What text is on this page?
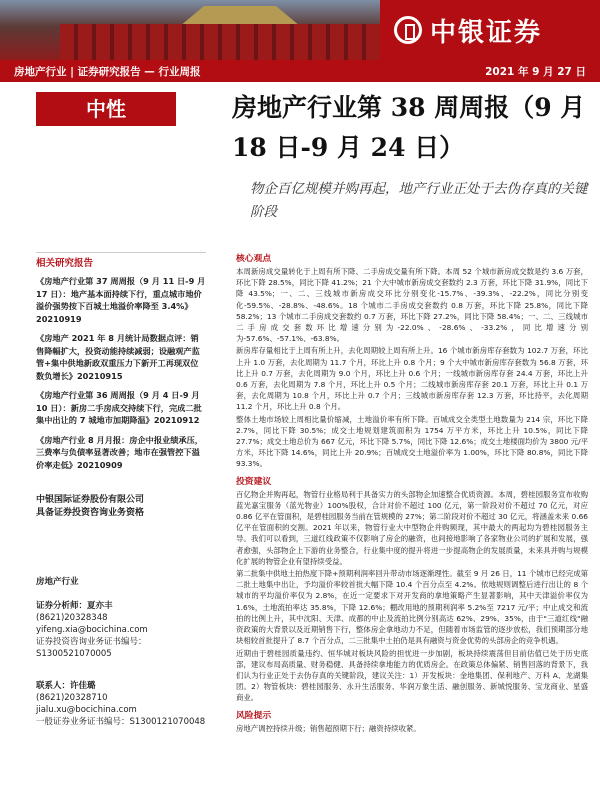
中银证券
房地产行业 | 证券研究报告 — 行业周报	2021 年 9 月 27 日
中性	房地产行业第 38 周周报（9 月 18 日-9 月 24 日）
物企百亿规模并购再起，地产行业正处于去伪存真的关键阶段
相关研究报告
《房地产行业第 37 周周报（9 月 11 日-9 月 17 日）：地产基本面持续下行，重点城市地价溢价强势按下百城土地溢价率降至 3.4%》20210919
《房地产 2021 年 8 月统计局数据点评：销售降幅扩大，投资动能持续减弱；设融观产监管+集中供地新政双重压力下新开工再现双位数负增长》20210915
《房地产行业第 36 周周报（9 月 4 日-9 月 10 日）：新房二手房成交持续下行，完成二批集中出让的 7 城地市加期降温》20210912
《房地产行业 8 月月报：房企中报业绩承压，三费率与负债率显著改善；地市在强管控下溢价率走低》20210909
中银国际证券股份有限公司
具备证券投资咨询业务资格
房地产行业
证券分析师：夏亦丰
(8621)20328348
yifeng.xia@bocichina.com
证券投资咨询业务证书编号：S1300521070005
联系人：许佳璐
(8621)20328710
jialu.xu@bocichina.com
一般证券业务证书编号：S1300121070048
核心观点
本周新房成交量转化于上周有所下降、二手房成交量有所下降。本周 52 个城市新房成交数是约 3.6 万套，环比下降 28.5%，同比下降 41.2%；21 个大中城市新房成交套数约 2.3 万套，环比下降 31.9%，同比下降 43.5%；一、二、三线城市新房成交环比分别变化-15.7%、-39.3%、-22.2%，同比分别变化-59.5%、-28.8%、-48.6%。18 个城市二手房成交套数约 0.8 万套，环比下降 25.8%，同比下降 58.2%；13 个城市二手房成交套数约 0.7 万套，环比下降 27.2%，同比下降 58.4%；一、二、三线城市二手房成交套数环比增速分别为-22.0%、-28.6%、-33.2%，同比增速分别为-57.6%、-57.1%、-63.8%。
新房库存量相比于上周有所上升，去化周期较上周有所上升。16 个城市新房库存套数为 102.7 万套，环比上升 1.0 万套，去化周期为 11.7 个月，环比上升 0.8 个月；9 个大中城市新房库存套数为 56.8 万套，环比上升 0.7 万套，去化周期为 9.0 个月，环比上升 0.6 个月；一线城市新房库存套 24.4 万套，环比上升 0.6 万套，去化周期为 7.8 个月，环比上升 0.5 个月；二线城市新房库存套 20.1 万套，环比上升 0.1 万套，去化周期为 10.8 个月，环比上升 0.7 个月；三线城市新房库存套 12.3 万套，环比持平，去化周期 11.2 个月，环比上升 0.8 个月。
整体土地市场较上周相比量价缩减，土地溢价率有所下降。百城成交全类型土地数量为 214 宗，环比下降 2.7%，同比下降 30.5%；成交土地规划建筑面积为 1754 万平方米，环比上升 10.5%，同比下降 27.7%；成交土地总价为 667 亿元，环比下降 5.7%，同比下降 12.6%；成交土地楼面均价为 3800 元/平方米，环比下降 14.6%，同比上升 20.9%；百城成交土地溢价率为 1.00%，环比下降 80.8%，同比下降 93.3%。
投资建议
百亿物企并购再起，物管行业格局利于具备实力的头部物企加速整合优质资源。本周，碧桂园服务宣布收购蓝光嘉宝服务（蓝光物业）100%股权，合计对价不超过 100 亿元，第一阶段对价不超过 70 亿元，对应 0.86 亿平在管面积，是碧桂园服务当前在管规模的 27%；第二阶段对价不超过 30 亿元，将涵盖未来 0.66 亿平在管面积的交割。2021 年以来，物管行业大中型物企并购频现，其中最大的两起均为碧桂园服务主导。我们可以看到，三道红线政策不仅影响了房企的融资，也间接地影响了各家物业公司的扩展和发展，强者愈强，头部物企上下游的业务整合，行业集中度的提升将进一步提高物企的发展质量，未来具并购与规模化扩展的物管企业有望持续受益。
第二批集中供地土拍热度下降+预期利润率回升带动市场逐渐理性。截至 9 月 26 日，11 个城市已经完成第二批土地集中出让，予均溢价率较首批大幅下降 10.4 个百分点至 4.2%。依地规则调整后进行出让的 8 个城市的平均溢价率仅为 2.8%，在近一定要求下对开发商的拿地策略产生显著影响，其中天津溢价率仅为 1.6%，土地流拍率达 35.8%，下降 12.6%；棚改用地的预期利润率 5.2%至 7217 元/平；中止成交和流拍的比例上升，其中沈阳、天津、成都的中止及流拍比例分别高达 62%、29%、35%，由于"三道红线"融资政策的大背景以及近期销售下行，整体房企拿地动力不足，但随着市场监管的逐步放松，我们预期部分地块相较首批提升了 8.7 个百分点，二三批集中土拍仍是具有融资与资金优势的头部房企的竞争机遇。
近期由于碧桂园质量违约、恒华城对板块风险的担忧进一步加剧，板块持续震荡但目前估值已处于历史底部，建议布局高质量、财务稳健、具备持续拿地能力的优质房企。在政策总体偏紧、销售回落的背景下，我们认为行业正处于去伪存真的关键阶段，建议关注：1）开发板块：金地集团、保利地产、万科 A、龙湖集团。2）物管板块：碧桂园服务、永升生活服务、华润万象生活、融创服务、新城悦服务、宝龙商业、星盛商业。
风险提示
房地产调控持续升级；销售超预期下行；融资持续收紧。
